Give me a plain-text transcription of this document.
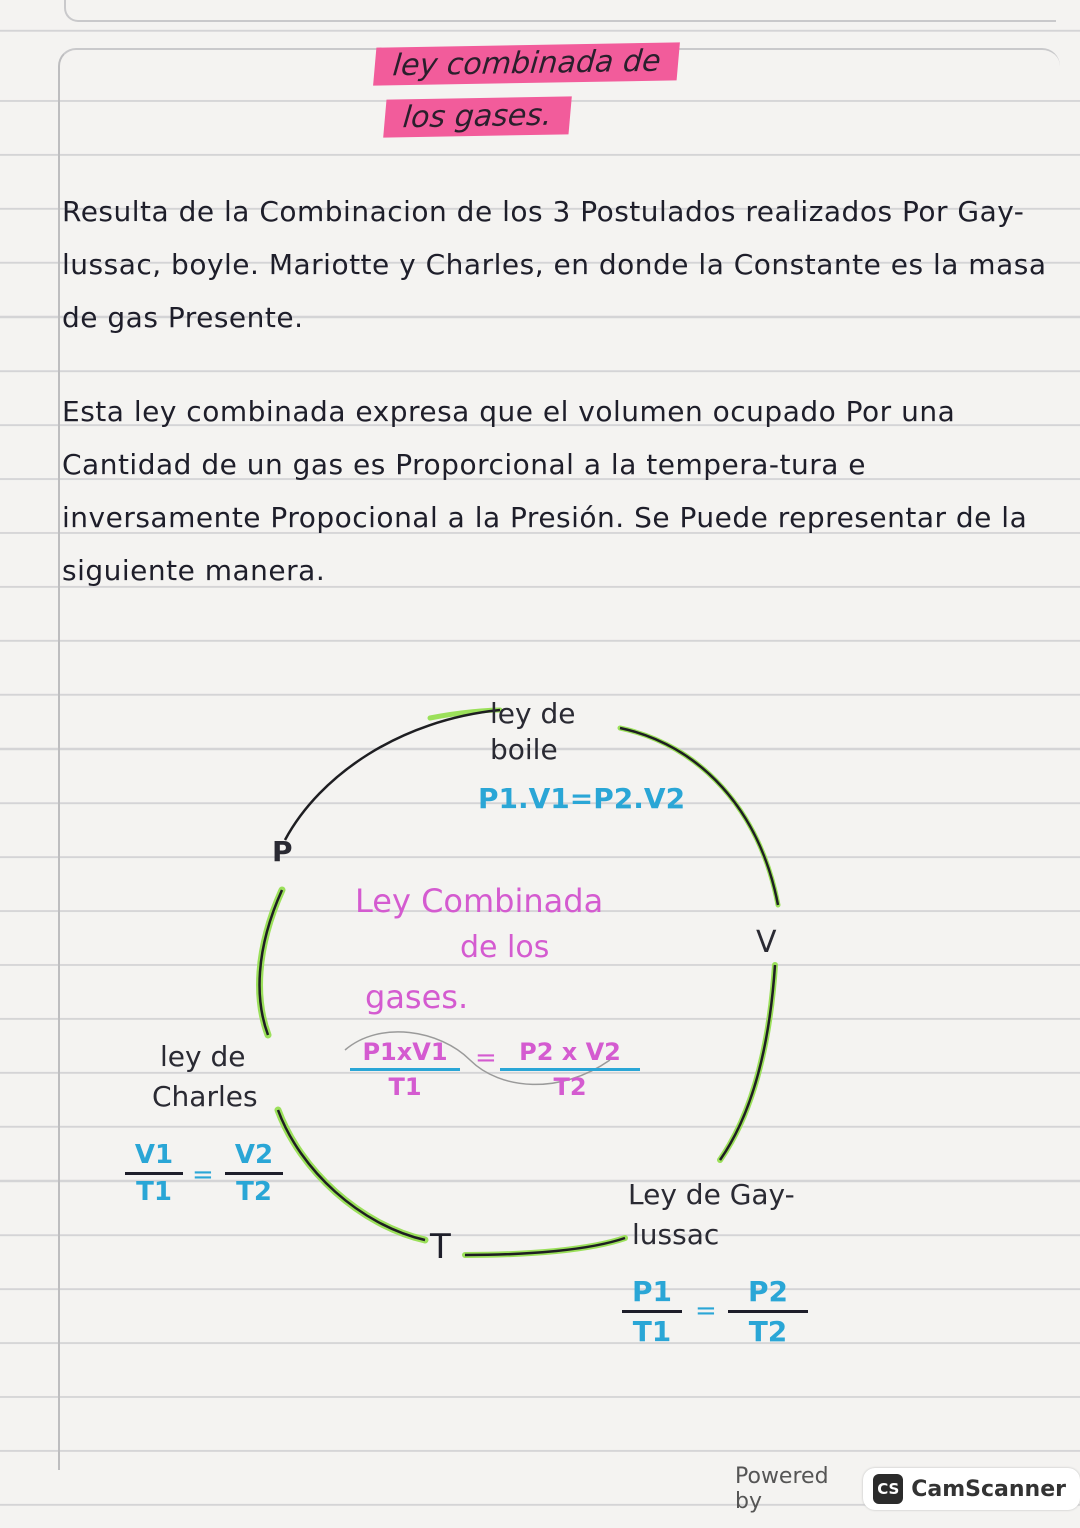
ley combinada de
los gases.
Resulta de la Combinacion de los 3 Postulados realizados Por Gay-lussac, boyle. Mariotte y Charles, en donde la Constante es la masa de gas Presente.
Esta ley combinada expresa que el volumen ocupado Por una Cantidad de un gas es Proporcional a la tempera-tura e inversamente Propocional a la Presión. Se Puede representar de la siguiente manera.
ley de
boile
P1.V1=P2.V2
P
V
T
Ley Combinada
de los
gases.
P1xV1
T1
= P2 x V2
T2
ley de
Charles
V1
T1
=
V2
T2	Ley de Gay-
lussac
P1
T1
=
P2
T2
Powered by	CS CamScanner
